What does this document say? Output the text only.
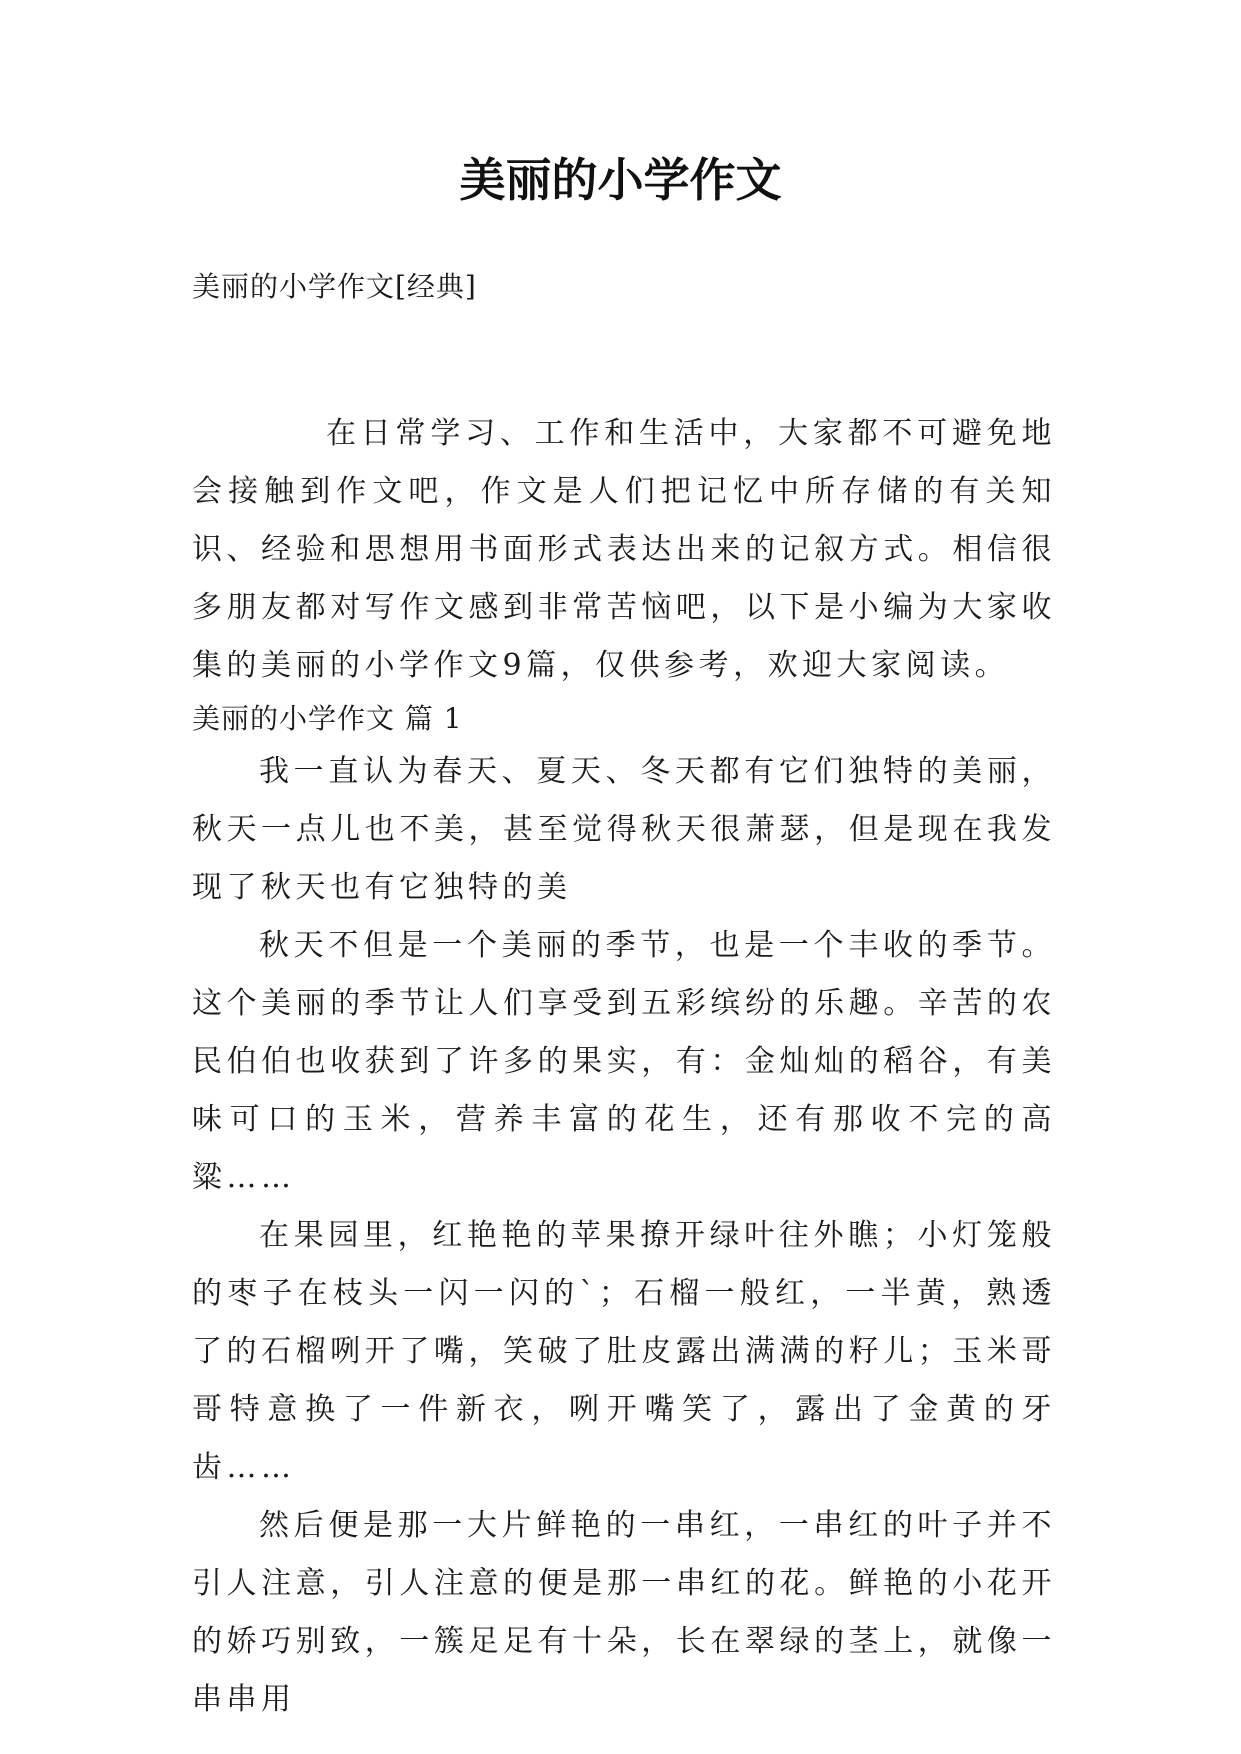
美丽的小学作文

美丽的小学作文[经典]

在日常学习、工作和生活中，大家都不可避免地会接触到作文吧，作文是人们把记忆中所存储的有关知识、经验和思想用书面形式表达出来的记叙方式。相信很多朋友都对写作文感到非常苦恼吧，以下是小编为大家收集的美丽的小学作文9篇，仅供参考，欢迎大家阅读。

美丽的小学作文 篇 1

我一直认为春天、夏天、冬天都有它们独特的美丽，秋天一点儿也不美，甚至觉得秋天很萧瑟，但是现在我发现了秋天也有它独特的美

秋天不但是一个美丽的季节，也是一个丰收的季节。这个美丽的季节让人们享受到五彩缤纷的乐趣。辛苦的农民伯伯也收获到了许多的果实，有：金灿灿的稻谷，有美味可口的玉米，营养丰富的花生，还有那收不完的高粱……

在果园里，红艳艳的苹果撩开绿叶往外瞧；小灯笼般的枣子在枝头一闪一闪的`；石榴一般红，一半黄，熟透了的石榴咧开了嘴，笑破了肚皮露出满满的籽儿；玉米哥哥特意换了一件新衣，咧开嘴笑了，露出了金黄的牙齿……

然后便是那一大片鲜艳的一串红，一串红的叶子并不引人注意，引人注意的便是那一串红的花。鲜艳的小花开的娇巧别致，一簇足足有十朵，长在翠绿的茎上，就像一串串用
